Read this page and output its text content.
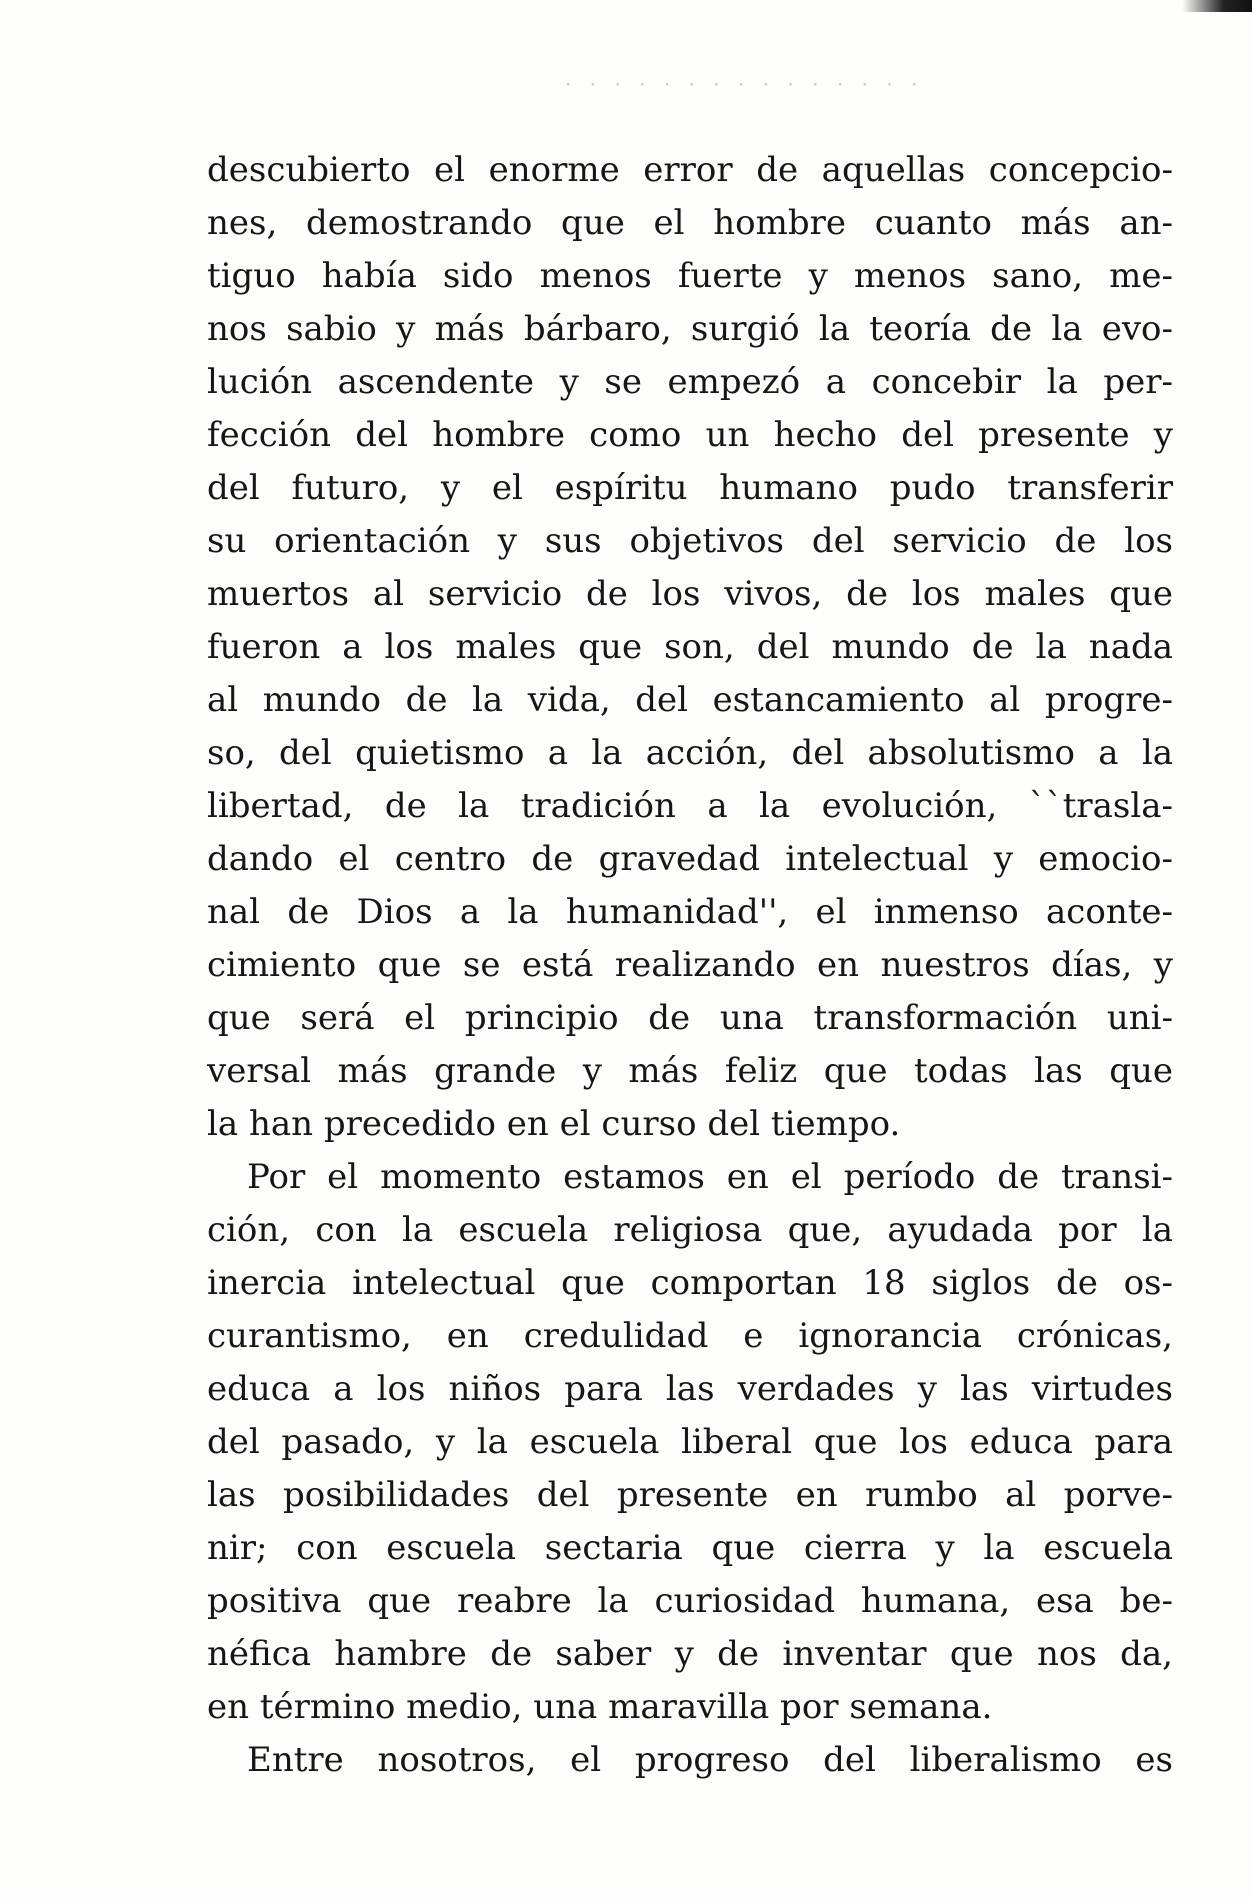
· · · · · · · · · · · · · · ·
descubierto el enorme error de aquellas concepcio-
nes, demostrando que el hombre cuanto más an-
tiguo había sido menos fuerte y menos sano, me-
nos sabio y más bárbaro, surgió la teoría de la evo-
lución ascendente y se empezó a concebir la per-
fección del hombre como un hecho del presente y
del futuro, y el espíritu humano pudo transferir
su orientación y sus objetivos del servicio de los
muertos al servicio de los vivos, de los males que
fueron a los males que son, del mundo de la nada
al mundo de la vida, del estancamiento al progre-
so, del quietismo a la acción, del absolutismo a la
libertad, de la tradición a la evolución, ``trasla-
dando el centro de gravedad intelectual y emocio-
nal de Dios a la humanidad'', el inmenso aconte-
cimiento que se está realizando en nuestros días, y
que será el principio de una transformación uni-
versal más grande y más feliz que todas las que
la han precedido en el curso del tiempo.
Por el momento estamos en el período de transi-
ción, con la escuela religiosa que, ayudada por la
inercia intelectual que comportan 18 siglos de os-
curantismo, en credulidad e ignorancia crónicas,
educa a los niños para las verdades y las virtudes
del pasado, y la escuela liberal que los educa para
las posibilidades del presente en rumbo al porve-
nir; con escuela sectaria que cierra y la escuela
positiva que reabre la curiosidad humana, esa be-
néfica hambre de saber y de inventar que nos da,
en término medio, una maravilla por semana.
Entre nosotros, el progreso del liberalismo es
